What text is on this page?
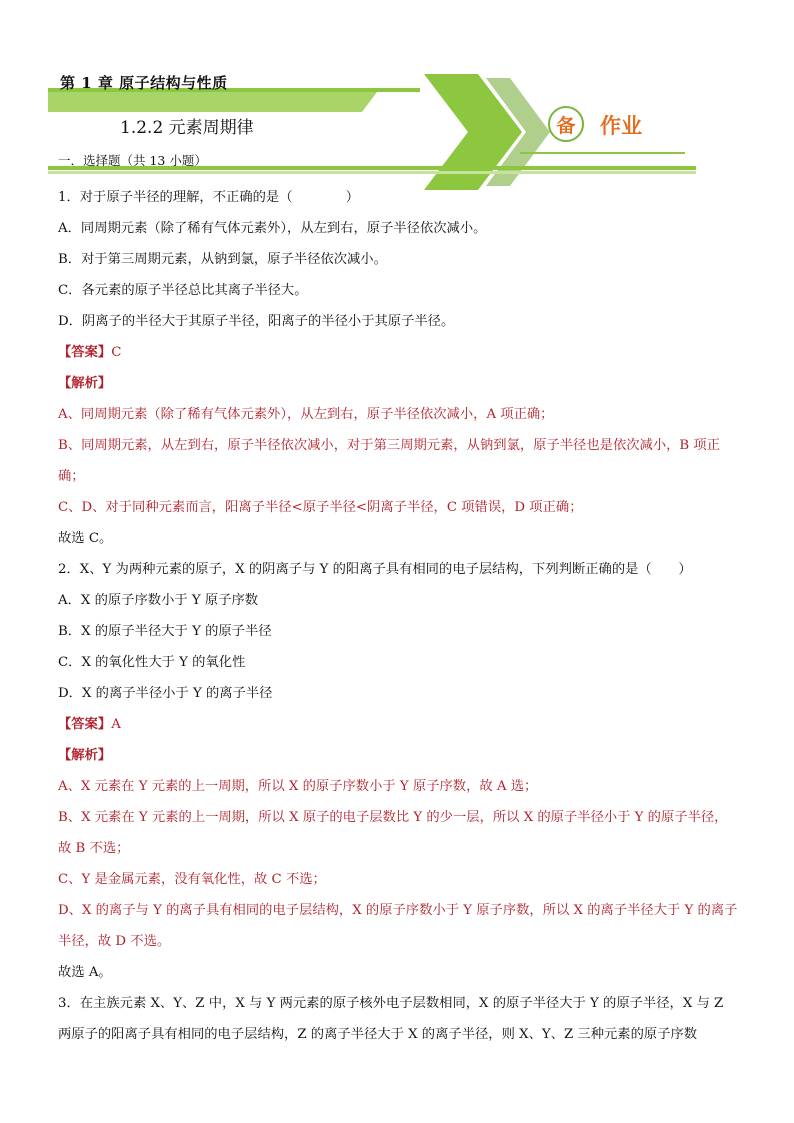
第 1 章 原子结构与性质
1.2.2 元素周期律	备 作业
一．选择题（共 13 小题）
1．对于原子半径的理解，不正确的是（　　　　）
A．同周期元素（除了稀有气体元素外），从左到右，原子半径依次减小。
B．对于第三周期元素，从钠到氯，原子半径依次减小。
C．各元素的原子半径总比其离子半径大。
D．阴离子的半径大于其原子半径，阳离子的半径小于其原子半径。
【答案】C
【解析】
A、同周期元素（除了稀有气体元素外），从左到右，原子半径依次减小，A 项正确；
B、同周期元素，从左到右，原子半径依次减小，对于第三周期元素，从钠到氯，原子半径也是依次减小，B 项正确；
C、D、对于同种元素而言，阳离子半径<原子半径<阴离子半径，C 项错误，D 项正确；
故选 C。
2．X、Y 为两种元素的原子，X 的阴离子与 Y 的阳离子具有相同的电子层结构，下列判断正确的是（　　）
A．X 的原子序数小于 Y 原子序数
B．X 的原子半径大于 Y 的原子半径
C．X 的氧化性大于 Y 的氧化性
D．X 的离子半径小于 Y 的离子半径
【答案】A
【解析】
A、X 元素在 Y 元素的上一周期，所以 X 的原子序数小于 Y 原子序数，故 A 选；
B、X 元素在 Y 元素的上一周期，所以 X 原子的电子层数比 Y 的少一层，所以 X 的原子半径小于 Y 的原子半径，故 B 不选；
C、Y 是金属元素，没有氧化性，故 C 不选；
D、X 的离子与 Y 的离子具有相同的电子层结构，X 的原子序数小于 Y 原子序数，所以 X 的离子半径大于 Y 的离子半径，故 D 不选。
故选 A。
3．在主族元素 X、Y、Z 中，X 与 Y 两元素的原子核外电子层数相同，X 的原子半径大于 Y 的原子半径，X 与 Z 两原子的阳离子具有相同的电子层结构，Z 的离子半径大于 X 的离子半径，则 X、Y、Z 三种元素的原子序数
